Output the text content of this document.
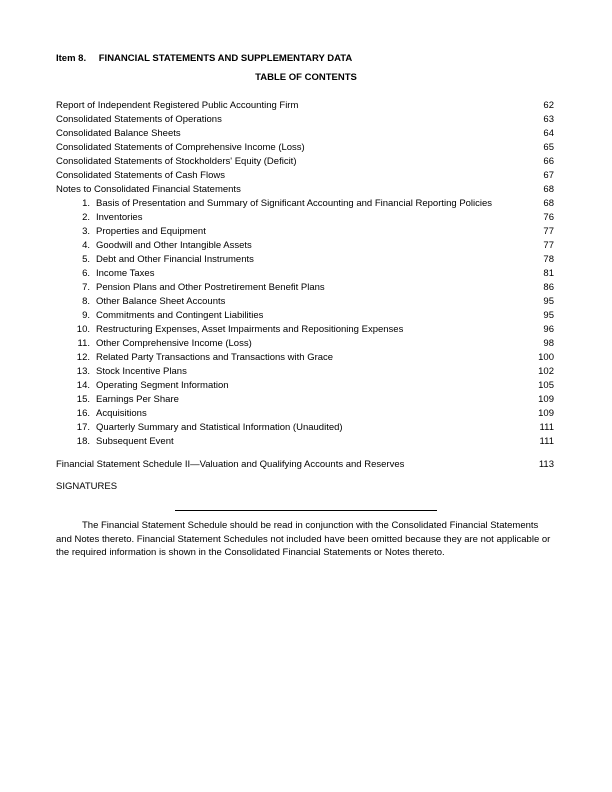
Item 8. FINANCIAL STATEMENTS AND SUPPLEMENTARY DATA
TABLE OF CONTENTS
Report of Independent Registered Public Accounting Firm	62
Consolidated Statements of Operations	63
Consolidated Balance Sheets	64
Consolidated Statements of Comprehensive Income (Loss)	65
Consolidated Statements of Stockholders' Equity (Deficit)	66
Consolidated Statements of Cash Flows	67
Notes to Consolidated Financial Statements	68
1. Basis of Presentation and Summary of Significant Accounting and Financial Reporting Policies	68
2. Inventories	76
3. Properties and Equipment	77
4. Goodwill and Other Intangible Assets	77
5. Debt and Other Financial Instruments	78
6. Income Taxes	81
7. Pension Plans and Other Postretirement Benefit Plans	86
8. Other Balance Sheet Accounts	95
9. Commitments and Contingent Liabilities	95
10. Restructuring Expenses, Asset Impairments and Repositioning Expenses	96
11. Other Comprehensive Income (Loss)	98
12. Related Party Transactions and Transactions with Grace	100
13. Stock Incentive Plans	102
14. Operating Segment Information	105
15. Earnings Per Share	109
16. Acquisitions	109
17. Quarterly Summary and Statistical Information (Unaudited)	111
18. Subsequent Event	111
Financial Statement Schedule II—Valuation and Qualifying Accounts and Reserves	113
SIGNATURES
The Financial Statement Schedule should be read in conjunction with the Consolidated Financial Statements and Notes thereto. Financial Statement Schedules not included have been omitted because they are not applicable or the required information is shown in the Consolidated Financial Statements or Notes thereto.
